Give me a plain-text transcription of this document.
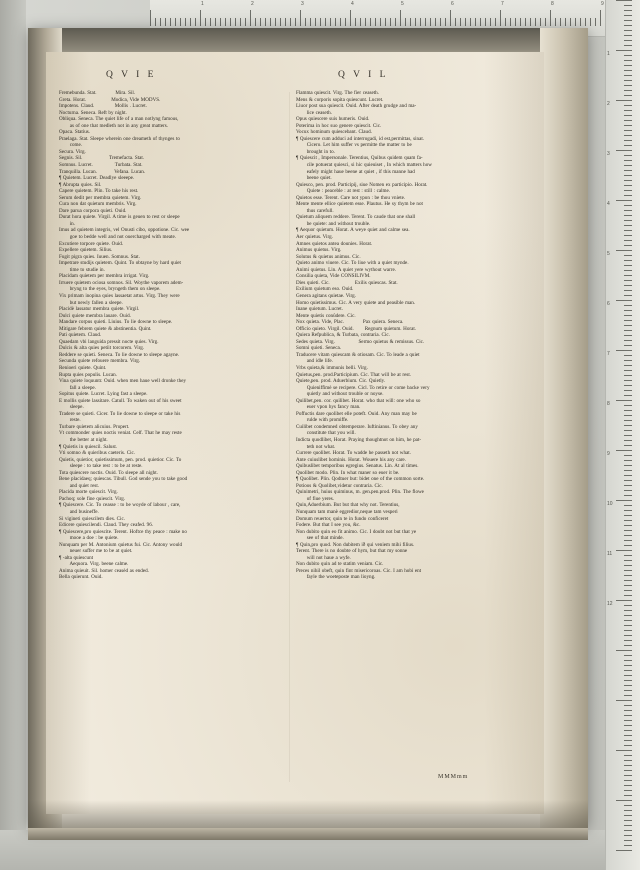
1	2	3	4	5	6	7	8	9
1
2
3
4
5
6
7
8
9
10
11
12
Q V I E	Q V I L
Fremebunda. Stat.            Mira. Sil.
Greta. Horat.                Modica, Vide MODVS.
Impotens. Claud.             Mollis . Lucret.
Nocturna. Seneca. Reft by night.
Obliqua. Seneca. The quiet life of a man notlyng famous,
as of one that medleth not in any great matters.
Opaca. Statius.
Praelaga. Stat. Sleepe wherein one dreameth of thynges to
come.
Secura. Virg.
Segnis. Sil.                 Tremefacta. Stat.
Somnus. Lucret.              Turbata. Stat.
Tranquilla. Lucan.           Vefana. Lucan.
¶ Quietem. Lucret. Deadlye sleeepe.
¶ Abrupta quies. Sil.
Capere quietem. Plin. To take his rest.
Serum dedit per membra quietem. Virg.
Cura non dat quietum membris. Virg.
Dare parua corpora quieti. Ouid.
Durat hora quiete. Virgil. A time is geuen to rest or sleepe
in.
Imus ad quietem integris, vel Onusti cibo, oppotione. Cic. wee
goe to bedde well and not ouercharged with meate.
Excutiere torpore quiete. Ouid.
Expellere quietem. Silius.
Fugit pigra quies. Iuuen. Somnus. Stat.
Impetrare studijs quietem. Quint. To obtayne by hard quiet
time to studie in.
Placidam quietem per membra irrigat. Virg.
Irruere quietem ociosa somnos. Sil. Woythe vaporem adem-
bryng to the eyes, bryngeth them on sleepe.
Vix primam inopina quies lassaetat artus. Virg. They were
but newly fallen a sleepe.
Placidè lassatur membra quiete. Virgil.
Dulci quiete membra lauare. Ouid.
Mandare corpus quieti. Liuius. To lie downe to sleepe.
Mitigare febrem quiete & abstinentia. Quint.
Pati quietem. Claud.
Quaedam vbi languida pressit nocte quies. Virg.
Dulcis & alta quies petiit torcorem. Virg.
Reddere se quieti. Seneca. To lie downe to sleepe agayne.
Secunda quiete refouere membra. Virg.
Renioeri quiete. Quint.
Rupta quies populis. Lucan.
Vina quiete loquuntr. Ouid. when men haue well dronke they
fall a sleepe.
Sopitus quiete. Lucret. Lying fast a sleepe.
E mollis quiete lassitare. Catull. To waken out of his sweet
sleepe.
Tradere se quieti. Cicer. To lie downe to sleepe or take his
reste.
Turbare quietem alicuius. Propert.
Vt commonder quies noctis veniat. Celf. That he may reste
the better at night.
¶ Quietis in quiescil. Salust.
Vti somno & quieribus caeteris. Cic.
Quietis, quietior, quietissimum, pen. prod. quietior. Cic. To
sleepe : to take rest : to be at reste.
Tota quiescere noctis. Ouid. To sleepe all night.
Bene placidaeq; quiescas. Tibull. God sende you to take good
and quiet rest.
Placida morte quiescit. Virg.
Pachoq; sole fine quiescit. Virg.
¶ Quiescere. Cic. To ceasse : to be woyde of labour , care,
and busineffe.
Si vigineti quiescilem dies. Cic.
Edicere quiescilendi. Claud. They ceafed. 96.
¶ Quiescere,pro quiescite. Terent. Hoftce thy peace : make no
mooe a doe : be quiete.
Nunquam per M. Antonium quietus fui. Cic. Antony would
neuer suffer me to be at quiet.
¶ -alta quiescunt
Aequora. Virg. beene calme.
Anima quieuit. Sil. homer ceasèd as ended.
Bella quierunt. Ouid.
Flamma quiescit. Virg. The fier ceaseth.
Mens & corporis sopita quiescunt. Lucret.
Liuor post sua quiescit. Ouid. After death grudge and ma-
lice ceaseth.
Opus quiescere suis humeris. Ouid.
Poterima in hoc suo genere quiescit. Cic.
Vocux hominum quiescebant. Claud.
¶ Quiescere cum adduci ad interrogadi, id est,permittas, sinat.
Cicero. Let him suffer vs permitte the matter to be
brought in to.
¶ Quiescit , Impersonale. Terentius, Quibus quidem quam fa-
cile potuerat quiesci, si hic quieuiset , In which matters how
eafely might haue beene at quiet , if this manne had
beene quiet.
Quiesco, pen. prod. Participij, siue Nomen ex participio. Horat.
Quiete : peaceble : at rest : still : calme.
Quietos esse. Terent. Care not ypon : be thou vniete.
Mente mente ellice quietem esse. Plautus. He sy thym be not
thus carefull.
Quietum aliquem reddere. Terent. To caude that one shall
be quiete: and without trouble.
¶ Aequor quietum. Horat. A weye quiet and calme sea.
Aer quietus. Virg.
Amnes quietos antea dounies. Horat.
Animus quietus. Virg.
Solutus & quietus animus. Cic.
Quieto animo viuere. Cic. To liue with a quiet mynde.
Animi quietus. Lin. A quiet yere wythout warre.
Consilia quieta, Vide CONSILIVM.
Dies quieti. Cic.                Exilis quiescas. Stat.
Exilium quietum eso. Ouid.
Genera agitans quietae. Virg.
Homo quietissimus. Cic. A very quiete and peasible man.
Inane quietum. Lucret.
Mente quietis conûdere. Cic.
Nox quieta. Vide, Plac.            Pax quiera. Seneca.
Officio quieto. Virgil. Ouid.       Regnum quietum. Horat.
Quiera Refpublica, & Turbata, contraria. Cic.
Sedes quieta. Virg.               Sermo quietus & remissus. Cic.
Somni quieti. Seneca.
Traducere vitam quiescam & otiosam. Cic. To leade a quiet
and idle life.
Vrbs quieta,& immunis belli. Virg.
Quietus,pen. prod.Participium. Cic. That will be at rest.
Quiete,pen. prod. Aduerbium. Cic. Quietly.
Quieniffimè se recipere. Cicl. To retire or come backe very
quietly and without trouble or noyse.
Quilibet,pen. cor. quilibet. Horat. who that will: one who so
euer vpon hys fancy man.
Poffuctis dare quolibet elle poteft. Ouid. Any man may be
rulde with promiffe.
Cuilibet condemned obtemperare. Iuftinianus. To obey any
constitute that you will.
Indicta quodlibet, Horat. Praying thoughtnot on him, he pat-
teth not what.
Currere quolibet. Horat. To wadde he passeth not what.
Ante cuiuslibet hominis. Horat. Wouere his any care.
Quibuslibet temporibus egregius. Senatus. Lin. At al times.
Quolibet modo. Plin. In what maner so euer it be.
¶ Quolibet. Plin. Qodtuer but: bidet one of the common sorte.
Potioos & Quolibet,videtur contraria. Cic.
Quinimetri, huius quiminus, m. gen.pen.prod. Plin. The flowe
of fiue yeres.
Quin,Aduerbium. But but that why not. Terentius,
Nunquam tam manè eggredior,neque tam vesperi
Domum reuertor, quin te in fundo conficeret
Fodere. But that I see you, &c.
Non dubito quin eo fit animo. Cic. I doubt not but that ye
see of that minde.
¶ Quin,pro quod. Non dubitem ið qui veniem mihi filius.
Terent. There is no doubte of hym, but that my sonne
will not haue a wyfe.
Non dubito quin ad te statim veniam. Cic.
Preces nihil obeft, quin fint misericoroas. Cic. I am hobi ent
fayle the woeteposte man lioyng.
MMMmm
